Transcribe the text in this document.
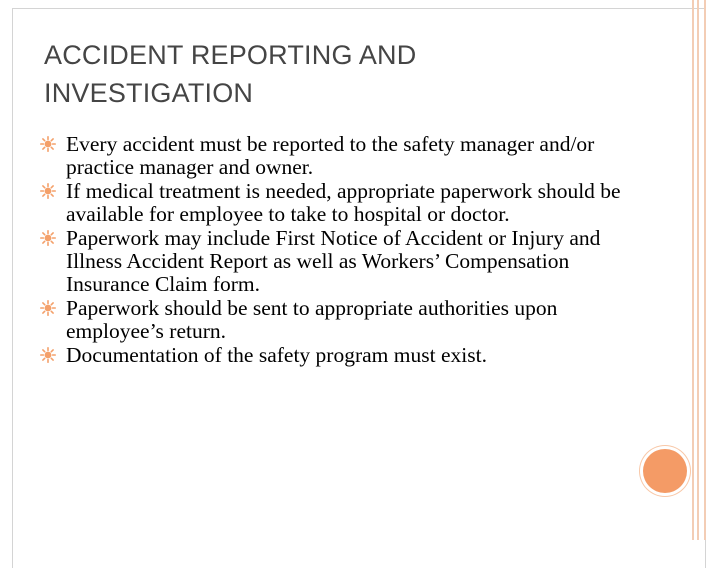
ACCIDENT REPORTING AND INVESTIGATION
Every accident must be reported to the safety manager and/or practice manager and owner.
If medical treatment is needed, appropriate paperwork should be available for employee to take to hospital or doctor.
Paperwork may include First Notice of Accident or Injury and Illness Accident Report as well as Workers’ Compensation Insurance Claim form.
Paperwork should be sent to appropriate authorities upon employee’s return.
Documentation of the safety program must exist.
